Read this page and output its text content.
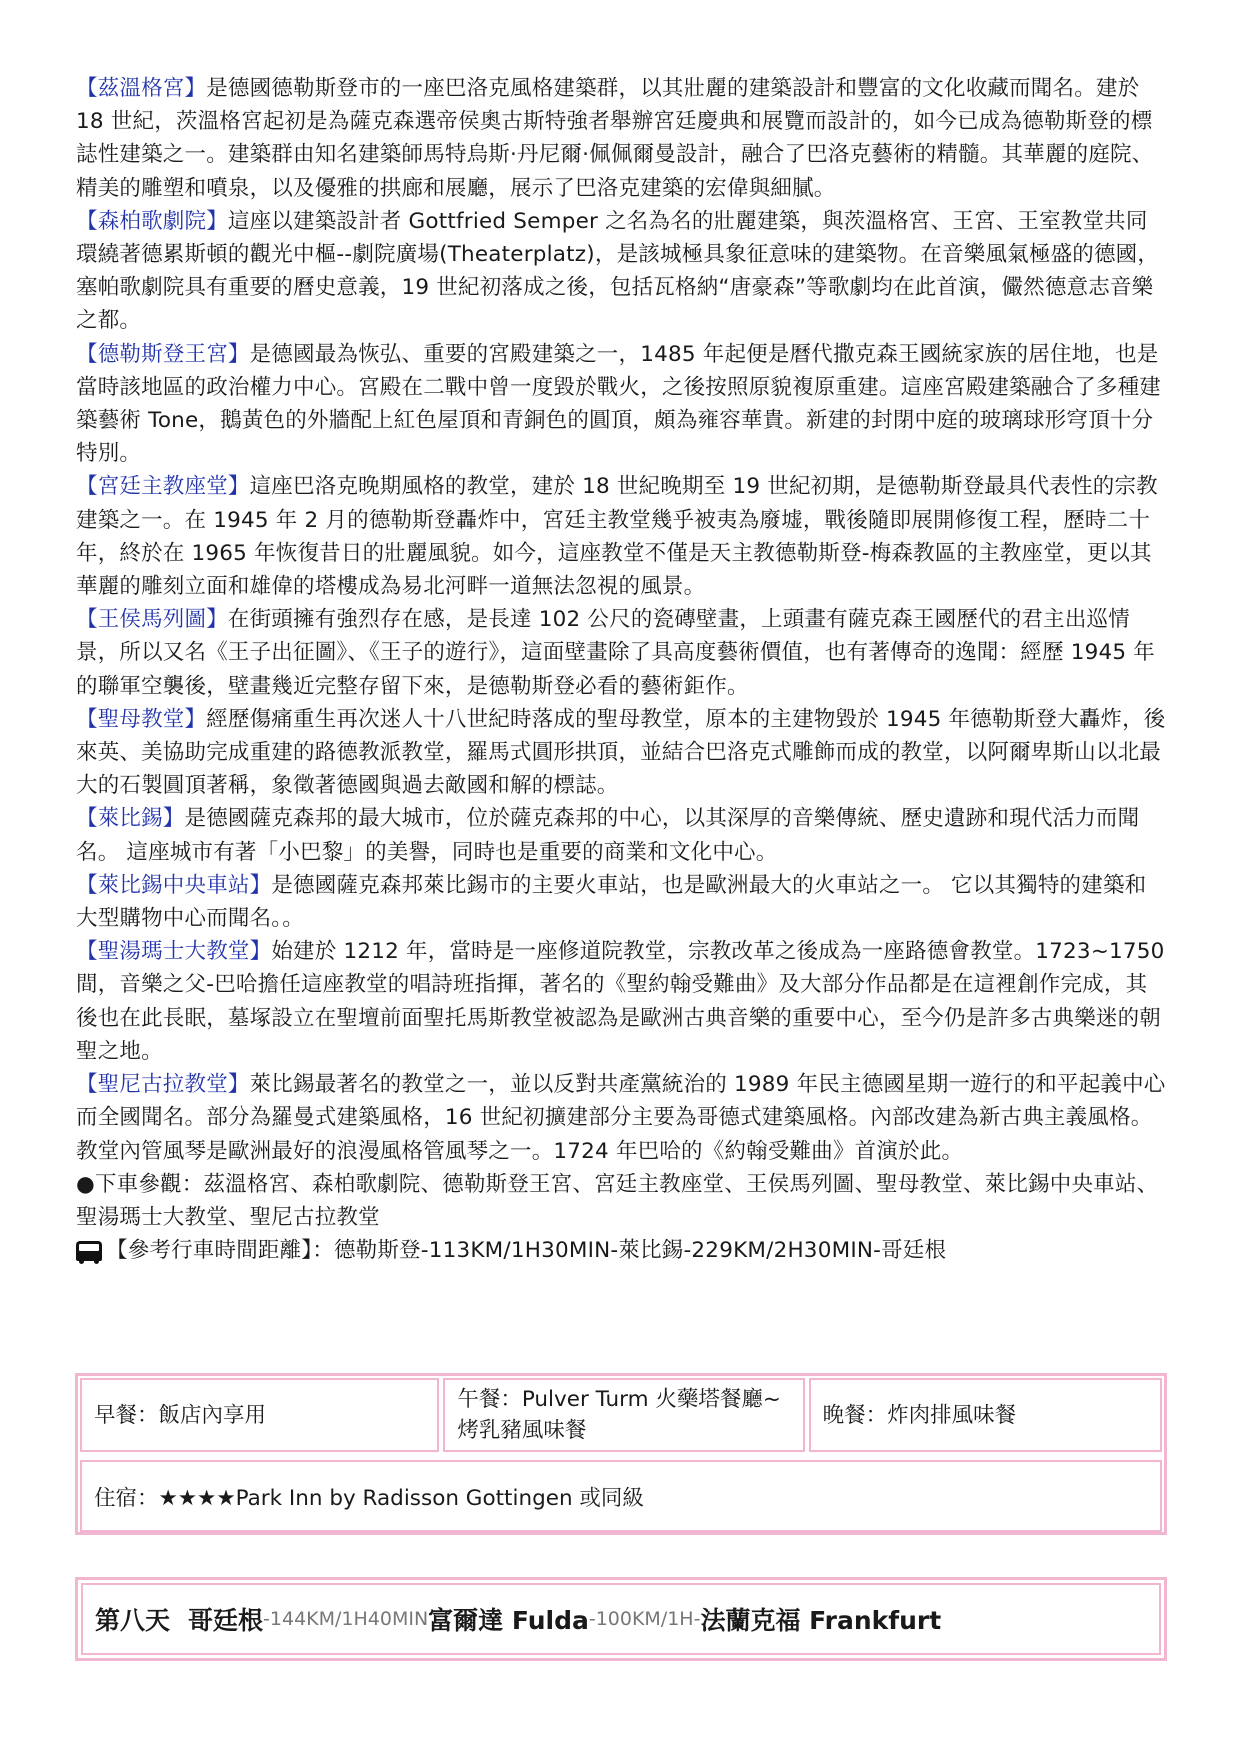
【茲溫格宮】是德國德勒斯登市的一座巴洛克風格建築群，以其壯麗的建築設計和豐富的文化收藏而聞名。建於 18 世紀，茨溫格宮起初是為薩克森選帝侯奧古斯特強者舉辦宮廷慶典和展覽而設計的，如今已成為德勒斯登的標誌性建築之一。建築群由知名建築師馬特烏斯·丹尼爾·佩佩爾曼設計，融合了巴洛克藝術的精髓。其華麗的庭院、精美的雕塑和噴泉，以及優雅的拱廊和展廳，展示了巴洛克建築的宏偉與細膩。

【森柏歌劇院】這座以建築設計者 Gottfried Semper 之名為名的壯麗建築，與茨溫格宮、王宮、王室教堂共同環繞著德累斯頓的觀光中樞--劇院廣場(Theaterplatz)，是該城極具象征意味的建築物。在音樂風氣極盛的德國，塞帕歌劇院具有重要的曆史意義，19 世紀初落成之後，包括瓦格納“唐豪森”等歌劇均在此首演，儼然德意志音樂之都。

【德勒斯登王宮】是德國最為恢弘、重要的宮殿建築之一，1485 年起便是曆代撒克森王國統家族的居住地，也是當時該地區的政治權力中心。宮殿在二戰中曾一度毀於戰火，之後按照原貌複原重建。這座宮殿建築融合了多種建築藝術 Tone，鵝黃色的外牆配上紅色屋頂和青銅色的圓頂，頗為雍容華貴。新建的封閉中庭的玻璃球形穹頂十分特別。

【宮廷主教座堂】這座巴洛克晚期風格的教堂，建於 18 世紀晚期至 19 世紀初期，是德勒斯登最具代表性的宗教建築之一。在 1945 年 2 月的德勒斯登轟炸中，宮廷主教堂幾乎被夷為廢墟，戰後隨即展開修復工程，歷時二十年，終於在 1965 年恢復昔日的壯麗風貌。如今，這座教堂不僅是天主教德勒斯登-梅森教區的主教座堂，更以其華麗的雕刻立面和雄偉的塔樓成為易北河畔一道無法忽視的風景。

【王侯馬列圖】在街頭擁有強烈存在感，是長達 102 公尺的瓷磚壁畫，上頭畫有薩克森王國歷代的君主出巡情景，所以又名《王子出征圖》、《王子的遊行》，這面壁畫除了具高度藝術價值，也有著傳奇的逸聞：經歷 1945 年的聯軍空襲後，壁畫幾近完整存留下來，是德勒斯登必看的藝術鉅作。

【聖母教堂】經歷傷痛重生再次迷人十八世紀時落成的聖母教堂，原本的主建物毀於 1945 年德勒斯登大轟炸，後來英、美協助完成重建的路德教派教堂，羅馬式圓形拱頂，並結合巴洛克式雕飾而成的教堂，以阿爾卑斯山以北最大的石製圓頂著稱，象徵著德國與過去敵國和解的標誌。

【萊比錫】是德國薩克森邦的最大城市，位於薩克森邦的中心，以其深厚的音樂傳統、歷史遺跡和現代活力而聞名。 這座城市有著「小巴黎」的美譽，同時也是重要的商業和文化中心。

【萊比錫中央車站】是德國薩克森邦萊比錫市的主要火車站，也是歐洲最大的火車站之一。 它以其獨特的建築和大型購物中心而聞名。。

【聖湯瑪士大教堂】始建於 1212 年，當時是一座修道院教堂，宗教改革之後成為一座路德會教堂。1723~1750 間，音樂之父-巴哈擔任這座教堂的唱詩班指揮，著名的《聖約翰受難曲》及大部分作品都是在這裡創作完成，其後也在此長眠，墓塚設立在聖壇前面聖托馬斯教堂被認為是歐洲古典音樂的重要中心，至今仍是許多古典樂迷的朝聖之地。

【聖尼古拉教堂】萊比錫最著名的教堂之一，並以反對共產黨統治的 1989 年民主德國星期一遊行的和平起義中心而全國聞名。部分為羅曼式建築風格，16 世紀初擴建部分主要為哥德式建築風格。內部改建為新古典主義風格。教堂內管風琴是歐洲最好的浪漫風格管風琴之一。1724 年巴哈的《約翰受難曲》首演於此。

●下車參觀：茲溫格宮、森柏歌劇院、德勒斯登王宮、宮廷主教座堂、王侯馬列圖、聖母教堂、萊比錫中央車站、聖湯瑪士大教堂、聖尼古拉教堂

【參考行車時間距離】：德勒斯登-113KM/1H30MIN-萊比錫-229KM/2H30MIN-哥廷根

早餐：飯店內享用
午餐：Pulver Turm 火藥塔餐廳~烤乳豬風味餐
晚餐：炸肉排風味餐
住宿：★★★★Park Inn by Radisson Gottingen 或同級
第八天 哥廷根 -144KM/1H40MIN 富爾達 Fulda -100KM/1H- 法蘭克福 Frankfurt
